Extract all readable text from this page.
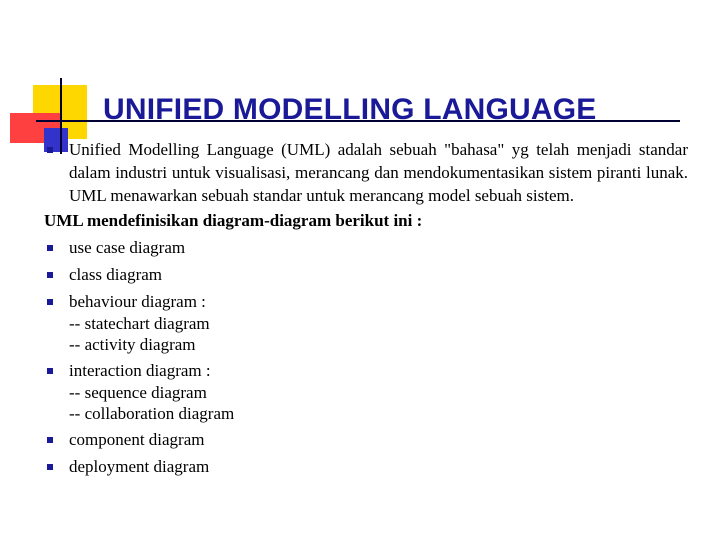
UNIFIED MODELLING LANGUAGE
Unified Modelling Language (UML) adalah sebuah "bahasa" yg telah menjadi standar dalam industri untuk visualisasi, merancang dan mendokumentasikan sistem piranti lunak. UML menawarkan sebuah standar untuk merancang model sebuah sistem.
UML mendefinisikan diagram-diagram berikut ini :
use case diagram
class diagram
behaviour diagram :
-- statechart diagram
-- activity diagram
interaction diagram :
-- sequence diagram
-- collaboration diagram
component diagram
deployment diagram
